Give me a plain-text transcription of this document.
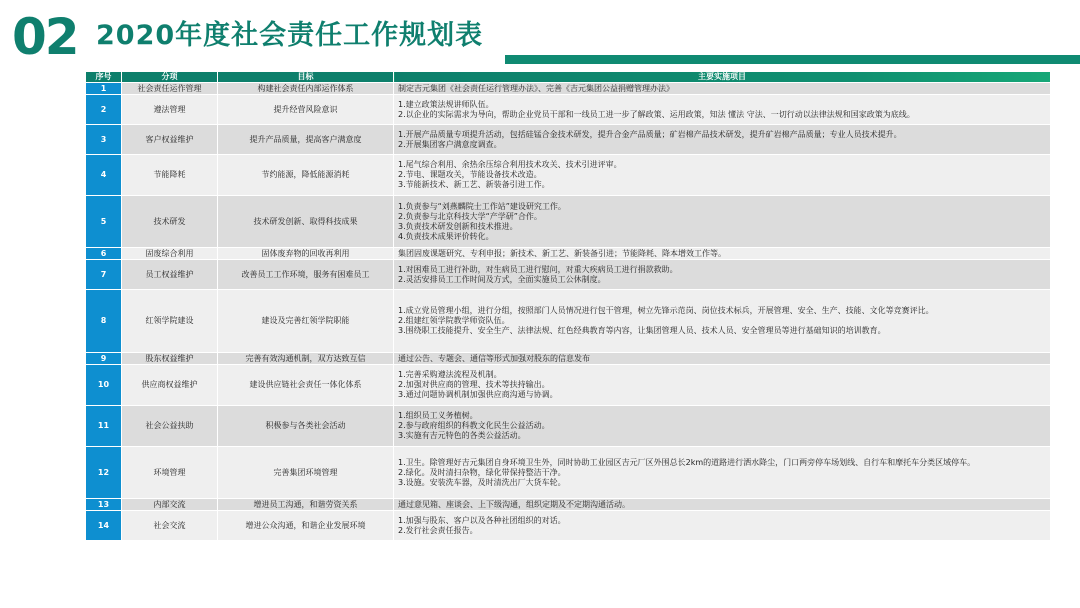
02 2020年度社会责任工作规划表
序号	分项	目标	主要实施项目
1	社会责任运作管理	构建社会责任内部运作体系	制定吉元集团《社会责任运行管理办法》、完善《吉元集团公益捐赠管理办法》

2	遵法管理	提升经营风险意识	1.建立政策法规讲师队伍。
2.以企业的实际需求为导向，帮助企业党员干部和一线员工进一步了解政策、运用政策，知法 懂法 守法、一切行动以法律法规和国家政策为底线。

3	客户权益维护	提升产品质量，提高客户满意度	1.开展产品质量专项提升活动，包括硅锰合金技术研发，提升合金产品质量；矿岩棉产品技术研发，提升矿岩棉产品质量；专业人员技术提升。
2.开展集团客户满意度调查。

4	节能降耗	节约能源，降低能源消耗	1.尾气综合利用、余热余压综合利用技术攻关、技术引进评审。
2.节电、课题攻关，节能设备技术改造。
3.节能新技术、新工艺、新装备引进工作。

5	技术研发	技术研发创新、取得科技成果	1.负责参与“刘燕麟院士工作站”建设研究工作。
2.负责参与北京科技大学“产学研”合作。
3.负责技术研发创新和技术推进。
4.负责技术成果评价转化。

6	固废综合利用	固体废弃物的回收再利用	集团固废课题研究、专利申报；新技术、新工艺、新装备引进；节能降耗、降本增效工作等。

7	员工权益维护	改善员工工作环境，服务有困难员工	1.对困难员工进行补助，对生病员工进行慰问，对重大疾病员工进行捐款救助。
2.灵活安排员工工作时间及方式，全面实施员工公休制度。

8	红领学院建设	建设及完善红领学院职能	1.成立党员管理小组，进行分组，按照部门人员情况进行包干管理，树立先锋示范岗、岗位技术标兵，开展管理、安全、生产、技能、文化等竞赛评比。
2.组建红领学院教学师资队伍。
3.围绕职工技能提升、安全生产、法律法规、红色经典教育等内容，让集团管理人员、技术人员、安全管理员等进行基础知识的培训教育。

9	股东权益维护	完善有效沟通机制，双方达致互信	通过公告、专题会、通信等形式加强对股东的信息发布

10	供应商权益维护	建设供应链社会责任一体化体系	1.完善采购遵法流程及机制。
2.加强对供应商的管理、技术等扶持输出。
3.通过问题协调机制加强供应商沟通与协调。

11	社会公益扶助	积极参与各类社会活动	1.组织员工义务植树。
2.参与政府组织的科教文化民生公益活动。
3.实施有吉元特色的各类公益活动。

12	环境管理	完善集团环境管理	1.卫生。除管理好吉元集团自身环境卫生外，同时协助工业园区吉元厂区外围总长2km的道路进行洒水降尘，门口两旁停车场划线、自行车和摩托车分类区域停车。
2.绿化。及时清扫杂物，绿化带保持整洁干净。
3.设施。安装洗车器，及时清洗出厂大货车轮。

13	内部交流	增进员工沟通，和谐劳资关系	通过意见箱、座谈会、上下级沟通，组织定期及不定期沟通活动。

14	社会交流	增进公众沟通，和谐企业发展环境	1.加强与股东、客户以及各种社团组织的对话。
2.发行社会责任报告。
